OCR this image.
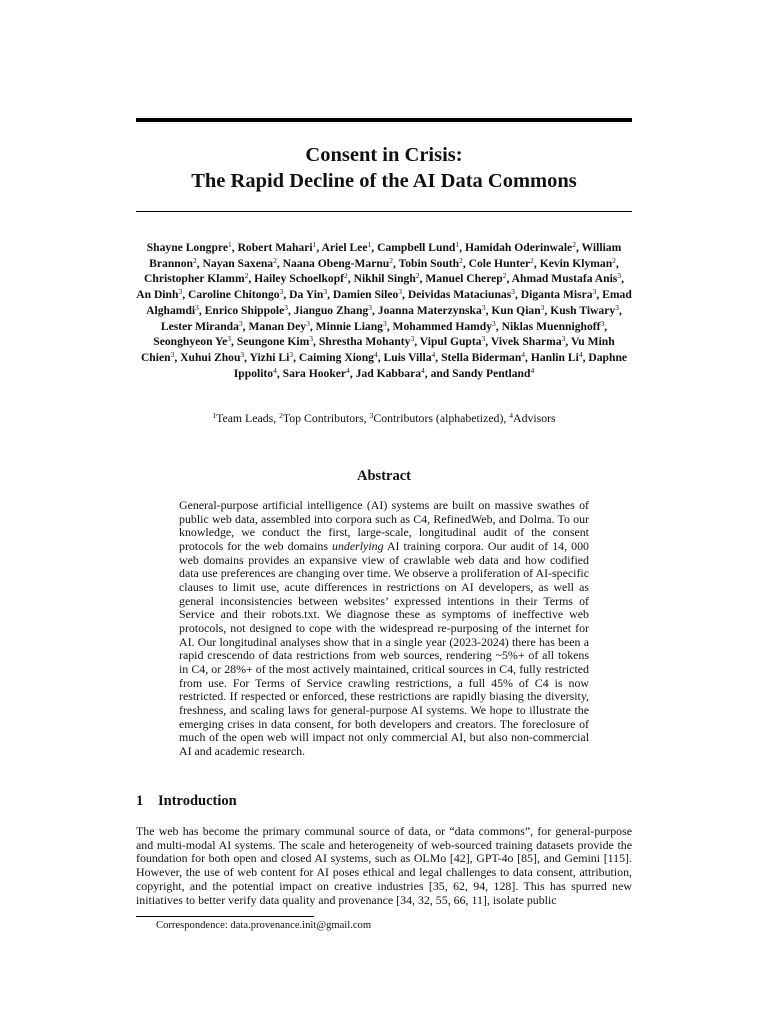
Consent in Crisis:
The Rapid Decline of the AI Data Commons
Shayne Longpre$^1$, Robert Mahari$^1$, Ariel Lee$^1$, Campbell Lund$^1$, Hamidah Oderinwale$^2$, William Brannon$^2$, Nayan Saxena$^2$, Naana Obeng-Marnu$^2$, Tobin South$^2$, Cole Hunter$^2$, Kevin Klyman$^2$, Christopher Klamm$^2$, Hailey Schoelkopf$^2$, Nikhil Singh$^2$, Manuel Cherep$^2$, Ahmad Mustafa Anis$^3$, An Dinh$^3$, Caroline Chitongo$^3$, Da Yin$^3$, Damien Sileo$^3$, Deividas Mataciunas$^3$, Diganta Misra$^3$, Emad Alghamdi$^3$, Enrico Shippole$^3$, Jianguo Zhang$^3$, Joanna Materzynska$^3$, Kun Qian$^3$, Kush Tiwary$^3$, Lester Miranda$^3$, Manan Dey$^3$, Minnie Liang$^3$, Mohammed Hamdy$^3$, Niklas Muennighoff$^3$, Seonghyeon Ye$^3$, Seungone Kim$^3$, Shrestha Mohanty$^3$, Vipul Gupta$^3$, Vivek Sharma$^3$, Vu Minh Chien$^3$, Xuhui Zhou$^3$, Yizhi Li$^3$, Caiming Xiong$^4$, Luis Villa$^4$, Stella Biderman$^4$, Hanlin Li$^4$, Daphne Ippolito$^4$, Sara Hooker$^4$, Jad Kabbara$^4$, and Sandy Pentland$^4$
$^1$Team Leads, $^2$Top Contributors, $^3$Contributors (alphabetized), $^4$Advisors
Abstract
General-purpose artificial intelligence (AI) systems are built on massive swathes of public web data, assembled into corpora such as C4, RefinedWeb, and Dolma. To our knowledge, we conduct the first, large-scale, longitudinal audit of the consent protocols for the web domains underlying AI training corpora. Our audit of 14, 000 web domains provides an expansive view of crawlable web data and how codified data use preferences are changing over time. We observe a proliferation of AI-specific clauses to limit use, acute differences in restrictions on AI developers, as well as general inconsistencies between websites’ expressed intentions in their Terms of Service and their robots.txt. We diagnose these as symptoms of ineffective web protocols, not designed to cope with the widespread re-purposing of the internet for AI. Our longitudinal analyses show that in a single year (2023-2024) there has been a rapid crescendo of data restrictions from web sources, rendering ~5%+ of all tokens in C4, or 28%+ of the most actively maintained, critical sources in C4, fully restricted from use. For Terms of Service crawling restrictions, a full 45% of C4 is now restricted. If respected or enforced, these restrictions are rapidly biasing the diversity, freshness, and scaling laws for general-purpose AI systems. We hope to illustrate the emerging crises in data consent, for both developers and creators. The foreclosure of much of the open web will impact not only commercial AI, but also non-commercial AI and academic research.
1 Introduction
The web has become the primary communal source of data, or “data commons”, for general-purpose and multi-modal AI systems. The scale and heterogeneity of web-sourced training datasets provide the foundation for both open and closed AI systems, such as OLMo [42], GPT-4o [85], and Gemini [115]. However, the use of web content for AI poses ethical and legal challenges to data consent, attribution, copyright, and the potential impact on creative industries [35, 62, 94, 128]. This has spurred new initiatives to better verify data quality and provenance [34, 32, 55, 66, 11], isolate public
Correspondence: data.provenance.init@gmail.com
